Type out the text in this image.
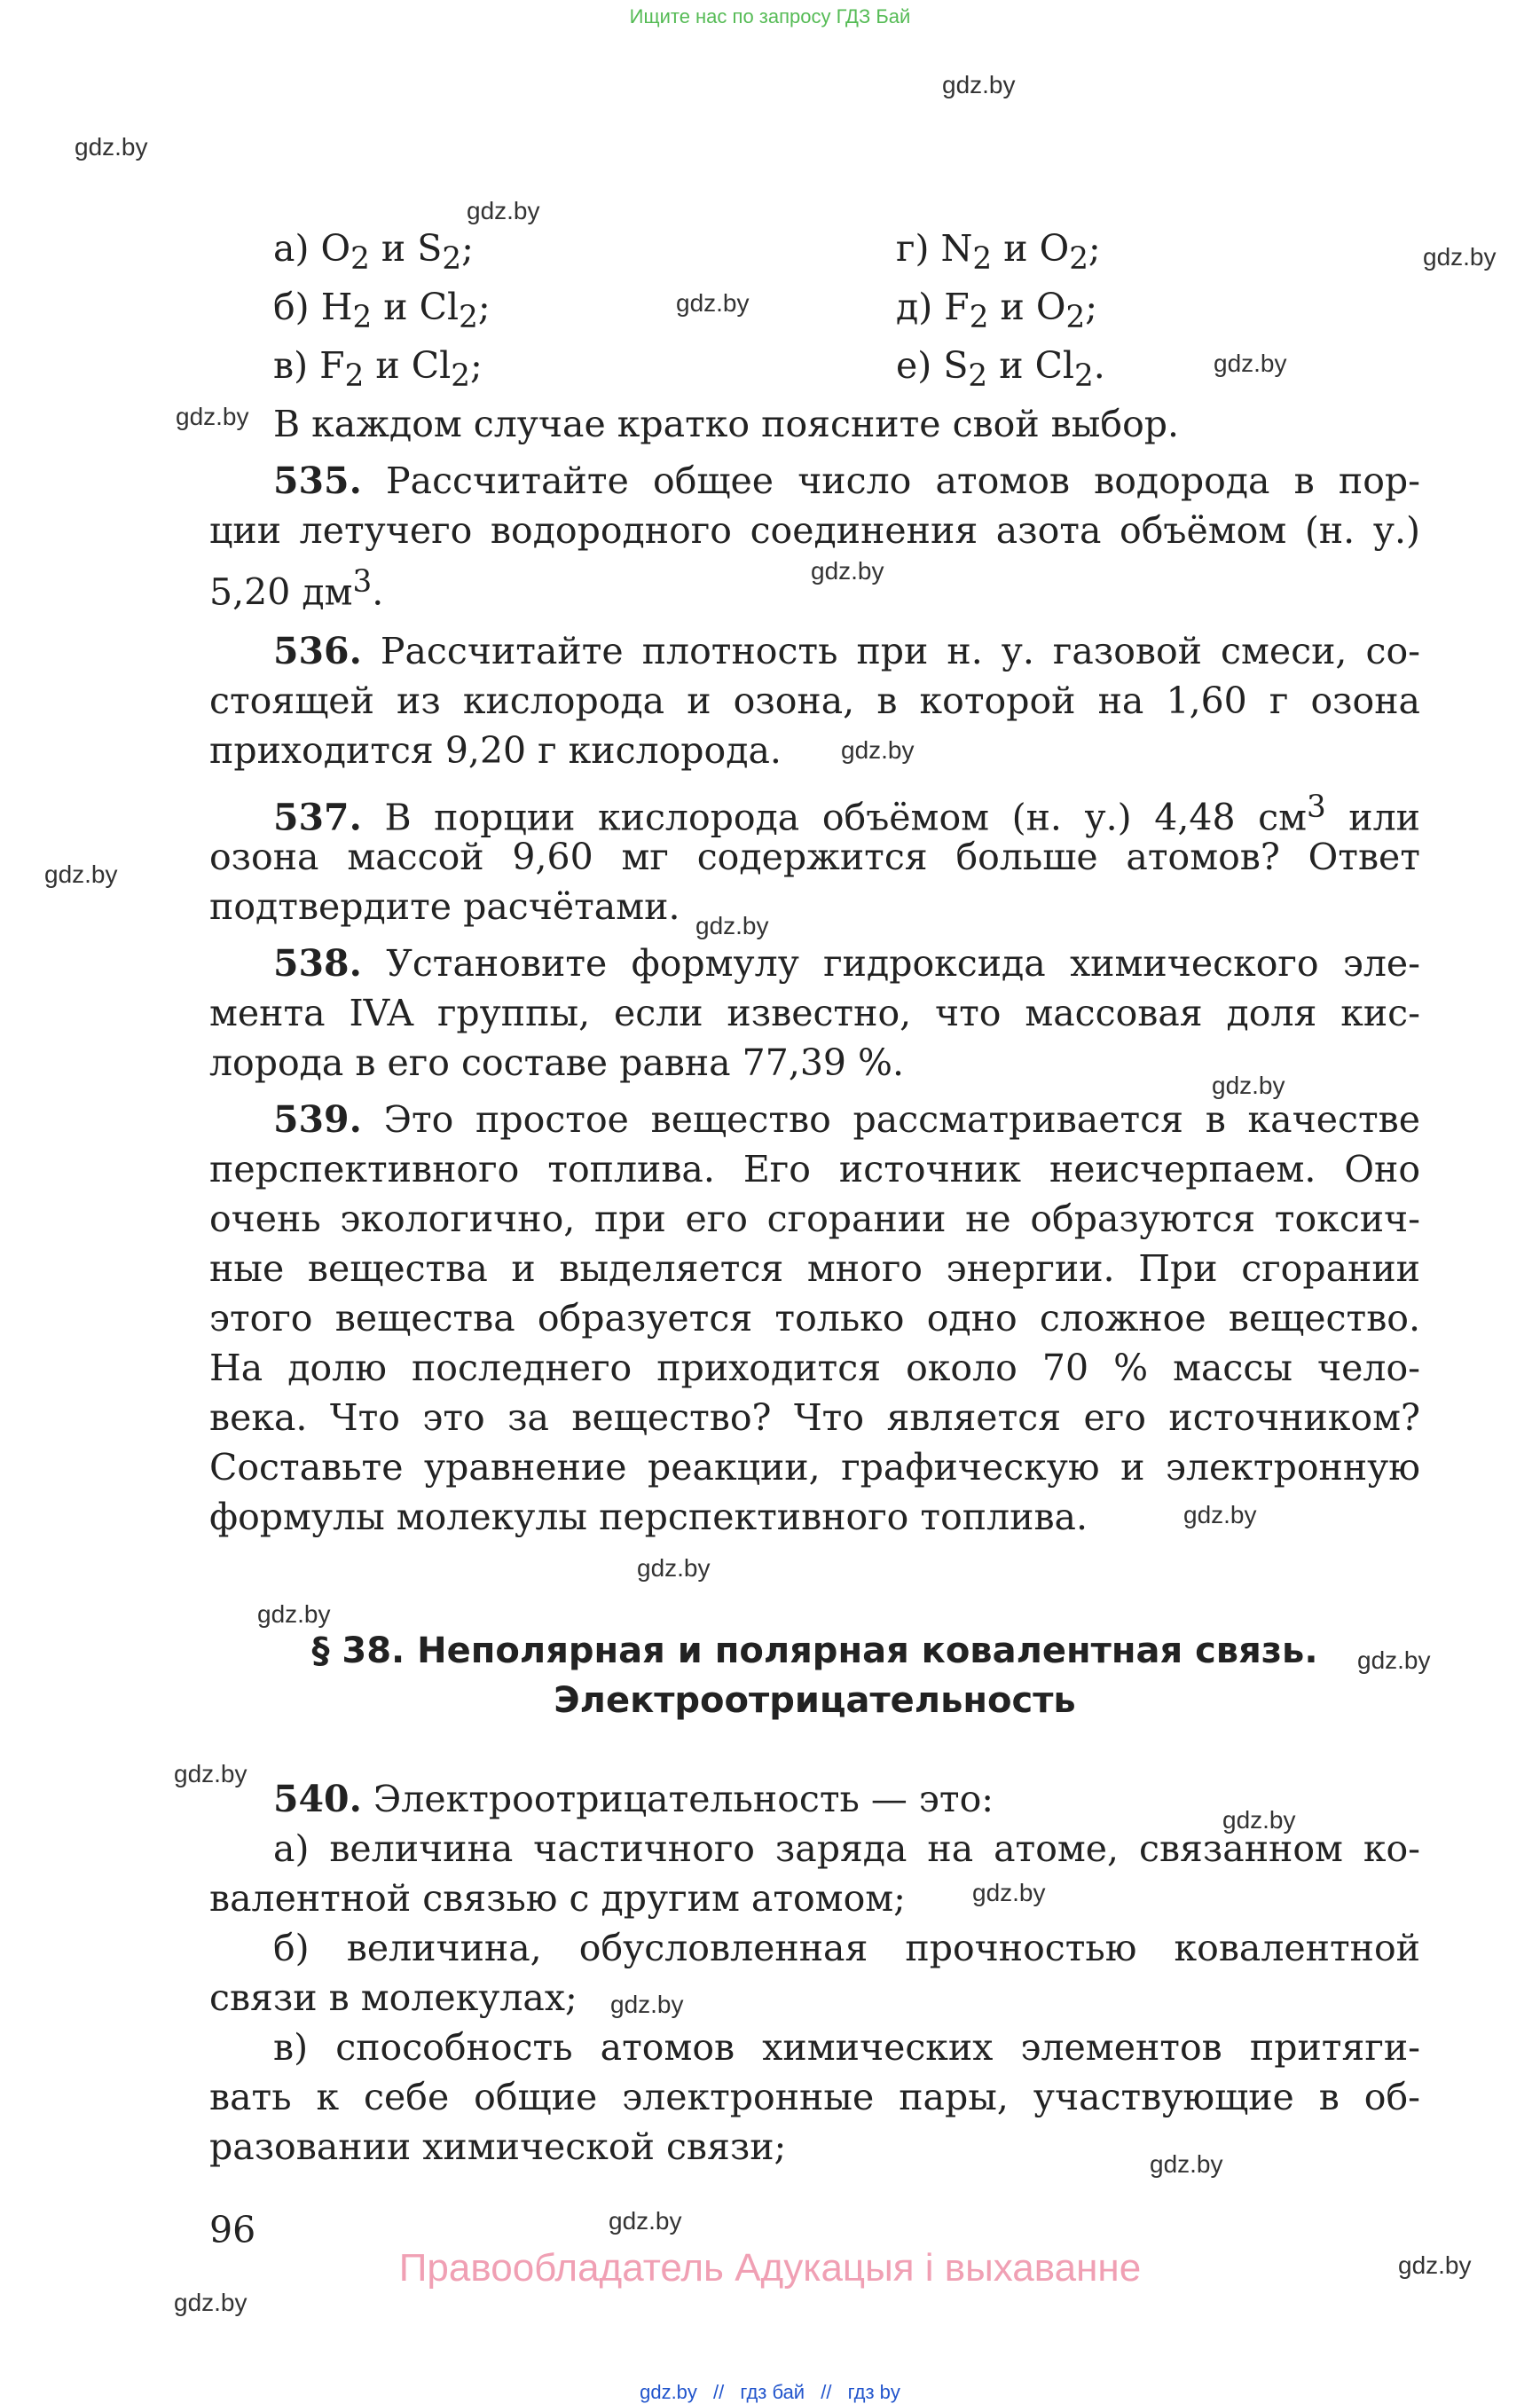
Ищите нас по запросу ГДЗ Бай
gdz.by
gdz.by
gdz.by
gdz.by
gdz.by
gdz.by
gdz.by
gdz.by
gdz.by
gdz.by
gdz.by
gdz.by
gdz.by
gdz.by
gdz.by
gdz.by
gdz.by
gdz.by
gdz.by
gdz.by
gdz.by
gdz.by
gdz.by
gdz.by
а) $O_2$ и $S_2$;
б) $H_2$ и $Cl_2$;
в) $F_2$ и $Cl_2$;
г) $N_2$ и $O_2$;
д) $F_2$ и $O_2$;
е) $S_2$ и $Cl_2$.
В каждом случае кратко поясните свой выбор.
535. Рассчитайте общее число атомов водорода в пор-
ции летучего водородного соединения азота объёмом (н. у.)
5,20 $дм^3$.
536. Рассчитайте плотность при н. у. газовой смеси, со-
стоящей из кислорода и озона, в которой на 1,60 г озона
приходится 9,20 г кислорода.
537. В порции кислорода объёмом (н. у.) 4,48 $см^3$ или
озона массой 9,60 мг содержится больше атомов? Ответ
подтвердите расчётами.
538. Установите формулу гидроксида химического эле-
мента IVA группы, если известно, что массовая доля кис-
лорода в его составе равна 77,39 %.
539. Это простое вещество рассматривается в качестве
перспективного топлива. Его источник неисчерпаем. Оно
очень экологично, при его сгорании не образуются токсич-
ные вещества и выделяется много энергии. При сгорании
этого вещества образуется только одно сложное вещество.
На долю последнего приходится около 70 % массы чело-
века. Что это за вещество? Что является его источником?
Составьте уравнение реакции, графическую и электронную
формулы молекулы перспективного топлива.
§ 38. Неполярная и полярная ковалентная связь.
Электроотрицательность
540. Электроотрицательность — это:
а) величина частичного заряда на атоме, связанном ко-
валентной связью с другим атомом;
б) величина, обусловленная прочностью ковалентной
связи в молекулах;
в) способность атомов химических элементов притяги-
вать к себе общие электронные пары, участвующие в об-
разовании химической связи;
96
Правообладатель Адукацыя і выхаванне
gdz.by // гдз бай // гдз by
